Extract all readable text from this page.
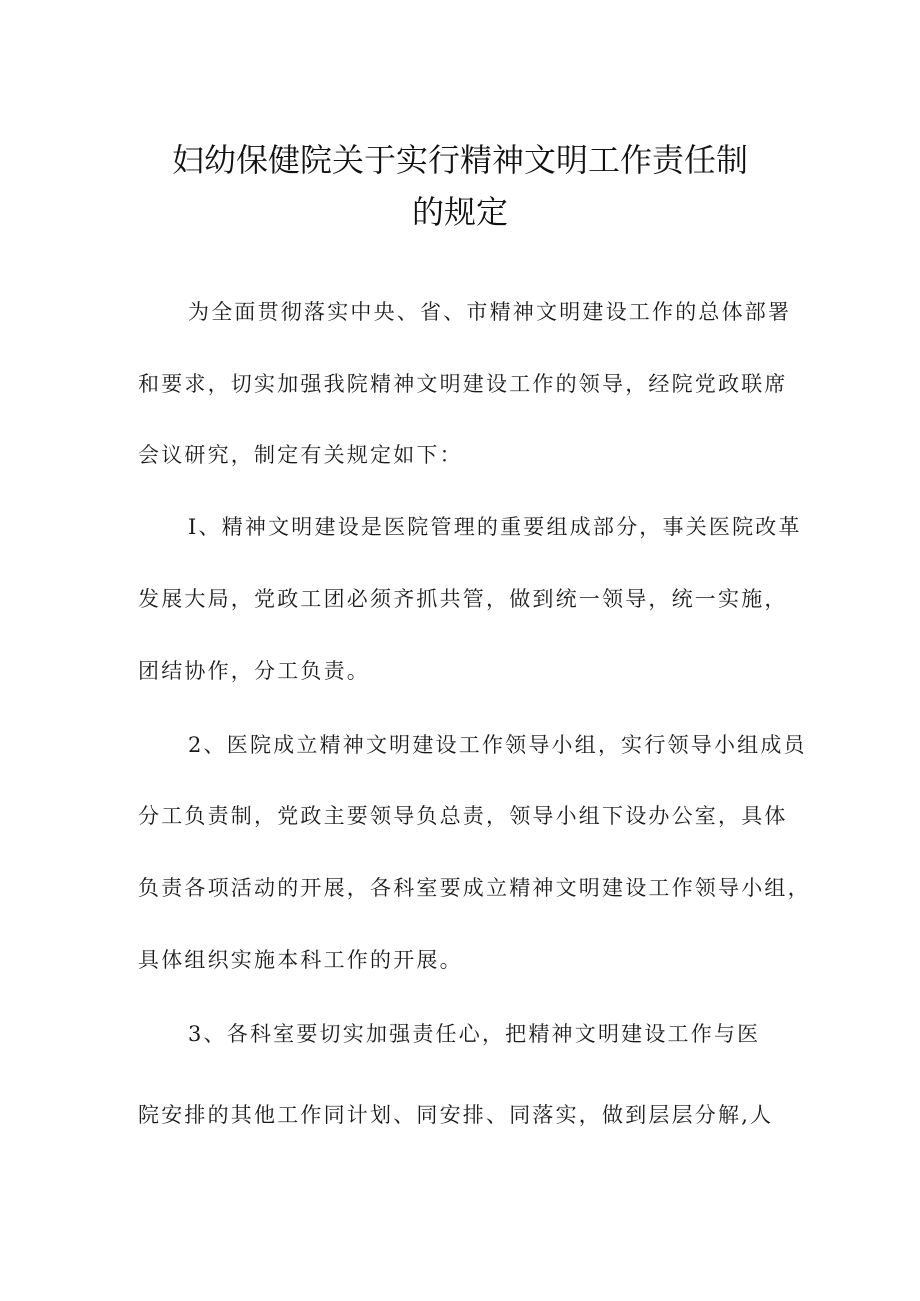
妇幼保健院关于实行精神文明工作责任制
的规定

为全面贯彻落实中央、省、市精神文明建设工作的总体部署

和要求，切实加强我院精神文明建设工作的领导，经院党政联席

会议研究，制定有关规定如下：

I、精神文明建设是医院管理的重要组成部分，事关医院改革

发展大局，党政工团必须齐抓共管，做到统一领导，统一实施，

团结协作，分工负责。

2、医院成立精神文明建设工作领导小组，实行领导小组成员

分工负责制，党政主要领导负总责，领导小组下设办公室，具体

负责各项活动的开展，各科室要成立精神文明建设工作领导小组，

具体组织实施本科工作的开展。

3、各科室要切实加强责任心，把精神文明建设工作与医

院安排的其他工作同计划、同安排、同落实，做到层层分解,人
